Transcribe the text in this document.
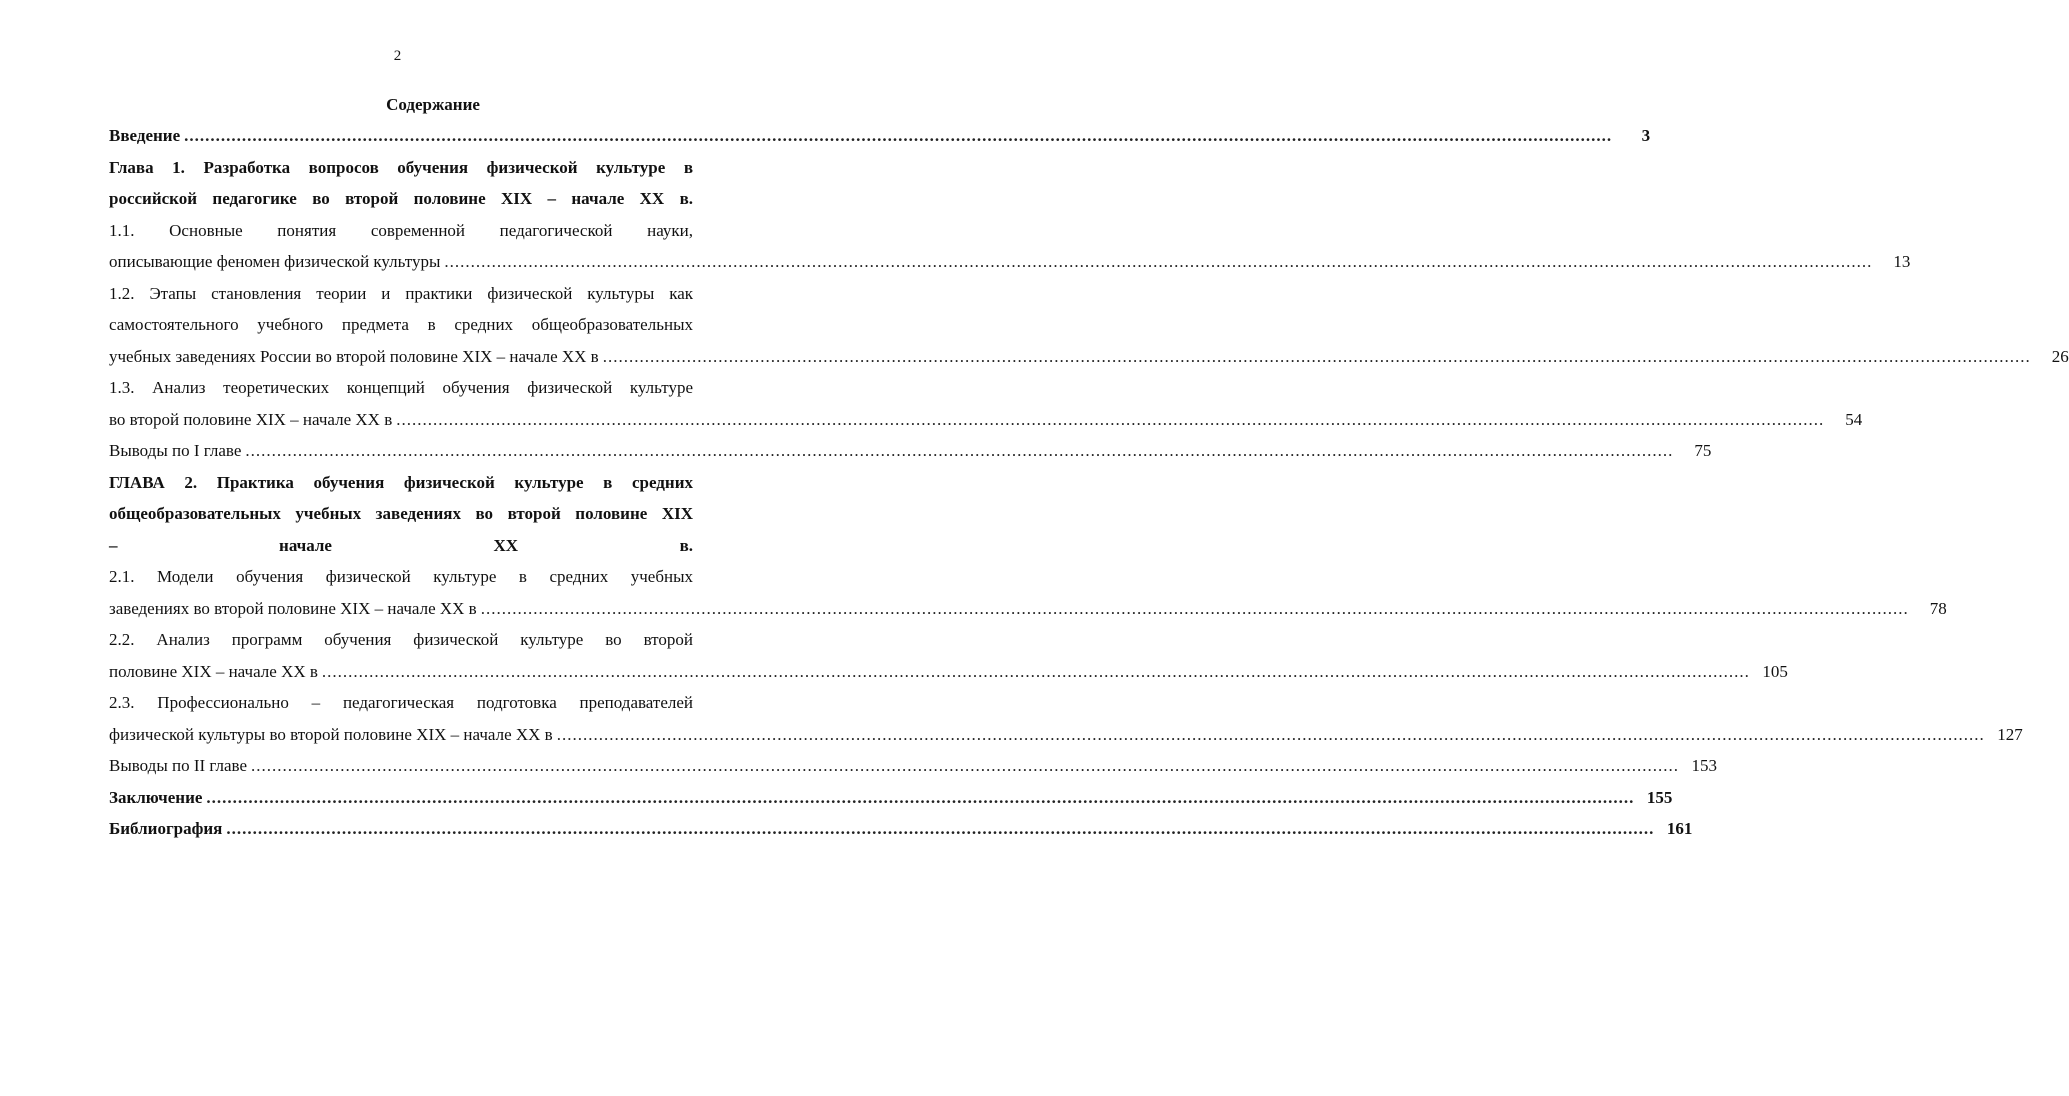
2
Содержание
Введение ................................................................................................................................................................................................................................................................................	3
Глава 1. Разработка вопросов обучения физической культуре в
российской педагогике во второй половине XIX – начале XX в.
1.1. Основные понятия современной педагогической науки,
описывающие феномен физической культуры ................................................................................................................................................................................................................................................................................	13
1.2. Этапы становления теории и практики физической культуры как
самостоятельного учебного предмета в средних общеобразовательных
учебных заведениях России во второй половине XIX – начале XX в ................................................................................................................................................................................................................................................................................	26
1.3. Анализ теоретических концепций обучения физической культуре
во второй половине XIX – начале XX в ................................................................................................................................................................................................................................................................................	54
Выводы по I главе ................................................................................................................................................................................................................................................................................	75
ГЛАВА 2. Практика обучения физической культуре в средних
общеобразовательных учебных заведениях во второй половине XIX
– начале XX в.
2.1. Модели обучения физической культуре в средних учебных
заведениях во второй половине XIX – начале XX в ................................................................................................................................................................................................................................................................................	78
2.2. Анализ программ обучения физической культуре во второй
половине XIX – начале XX в ................................................................................................................................................................................................................................................................................ 105
2.3. Профессионально – педагогическая подготовка преподавателей
физической культуры во второй половине XIX – начале XX в ................................................................................................................................................................................................................................................................................ 127
Выводы по II главе ................................................................................................................................................................................................................................................................................ 153
Заключение ................................................................................................................................................................................................................................................................................ 155
Библиография ................................................................................................................................................................................................................................................................................ 161
